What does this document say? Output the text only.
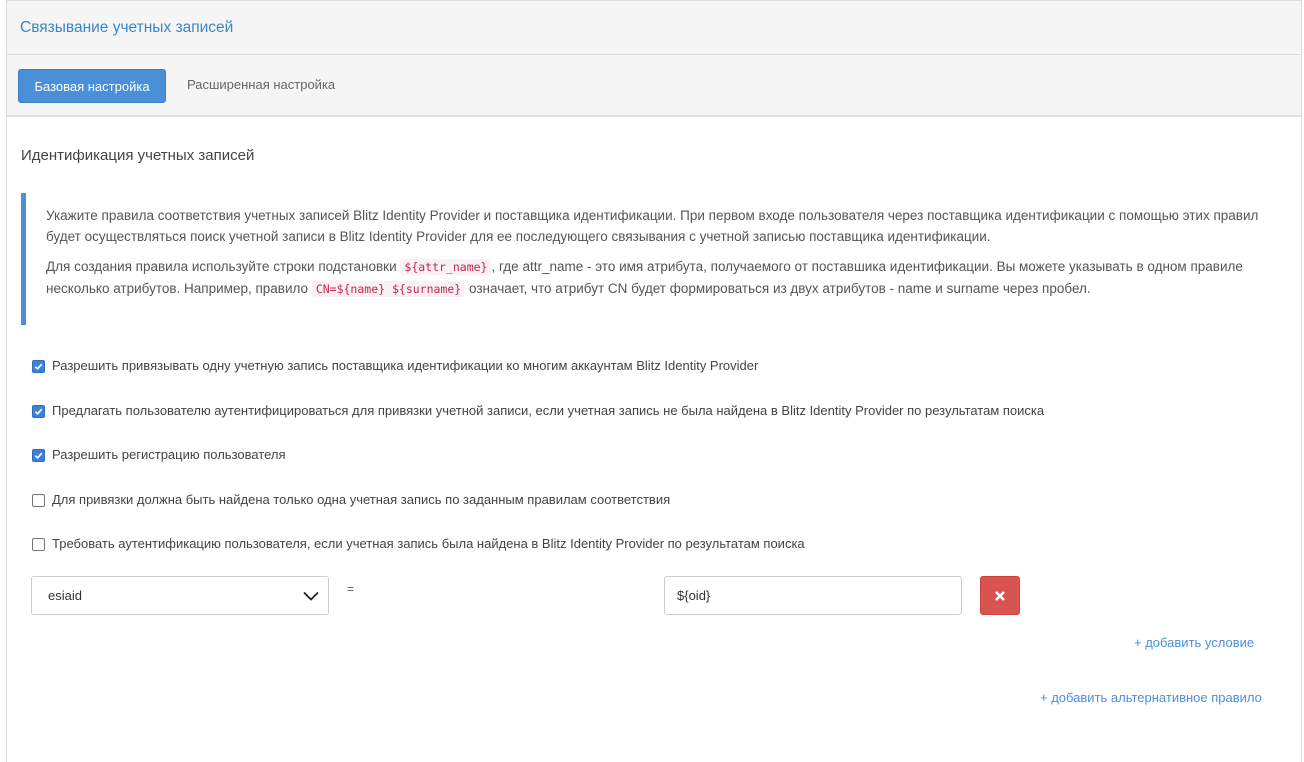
Связывание учетных записей
Базовая настройка	Расширенная настройка
Идентификация учетных записей

Укажите правила соответствия учетных записей Blitz Identity Provider и поставщика идентификации. При первом входе пользователя через поставщика идентификации с помощью этих правил будет осуществляться поиск учетной записи в Blitz Identity Provider для ее последующего связывания с учетной записью поставщика идентификации.

Для создания правила используйте строки подстановки ${attr_name} , где attr_name - это имя атрибута, получаемого от поставшика идентификации. Вы можете указывать в одном правиле несколько атрибутов. Например, правило CN=${name} ${surname} означает, что атрибут CN будет формироваться из двух атрибутов - name и surname через пробел.

Разрешить привязывать одну учетную запись поставщика идентификации ко многим аккаунтам Blitz Identity Provider
Предлагать пользователю аутентифицироваться для привязки учетной записи, если учетная запись не была найдена в Blitz Identity Provider по результатам поиска
Разрешить регистрацию пользователя
Для привязки должна быть найдена только одна учетная запись по заданным правилам соответствия
Требовать аутентификацию пользователя, если учетная запись была найдена в Blitz Identity Provider по результатам поиска
esiaid	=	${oid}
+ добавить условие
+ добавить альтернативное правило
